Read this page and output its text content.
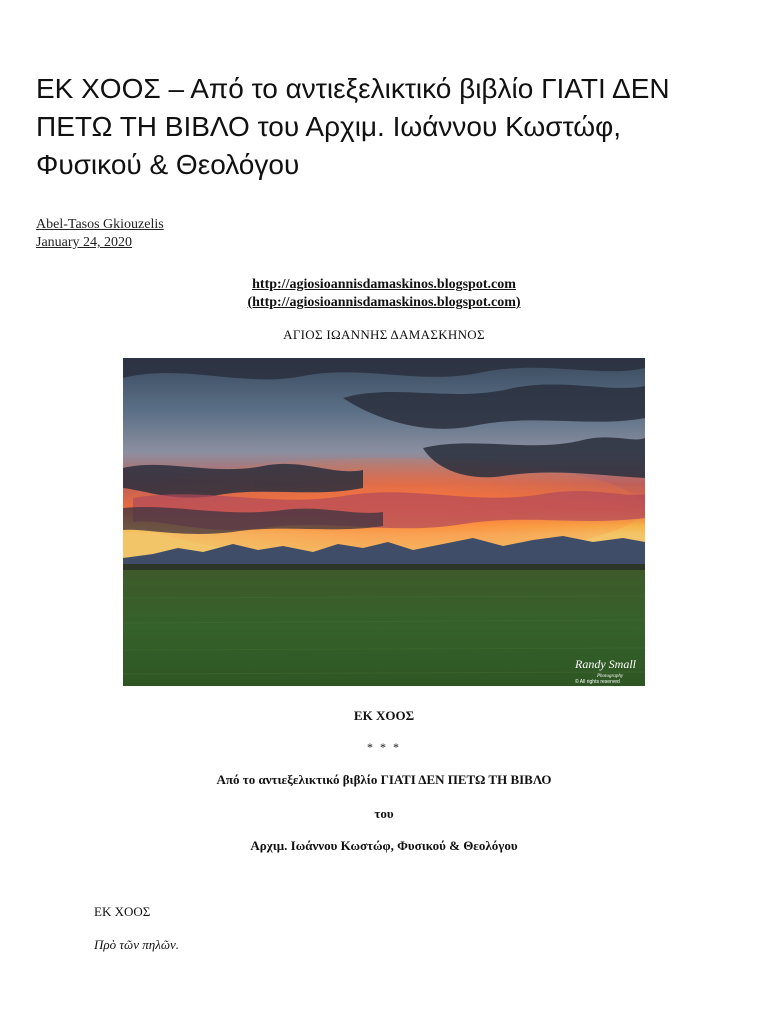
ΕΚ ΧΟΟΣ – Από το αντιεξελικτικό βιβλίο ΓΙΑΤΙ ΔΕΝ ΠΕΤΩ ΤΗ ΒΙΒΛΟ του Αρχιμ. Ιωάννου Κωστώφ, Φυσικού & Θεολόγου
Abel-Tasos Gkiouzelis
January 24, 2020
http://agiosioannisdamaskinos.blogspot.com
(http://agiosioannisdamaskinos.blogspot.com)
ΑΓΙΟΣ ΙΩΑΝΝΗΣ ΔΑΜΑΣΚΗΝΟΣ
Randy Small
Photography
© All rights reserved
ΕΚ ΧΟΟΣ
* * *
Από το αντιεξελικτικό βιβλίο ΓΙΑΤΙ ΔΕΝ ΠΕΤΩ ΤΗ ΒΙΒΛΟ
του
Αρχιμ. Ιωάννου Κωστώφ, Φυσικού & Θεολόγου
ΕΚ ΧΟΟΣ
Πρὸ τῶν πηλῶν.
